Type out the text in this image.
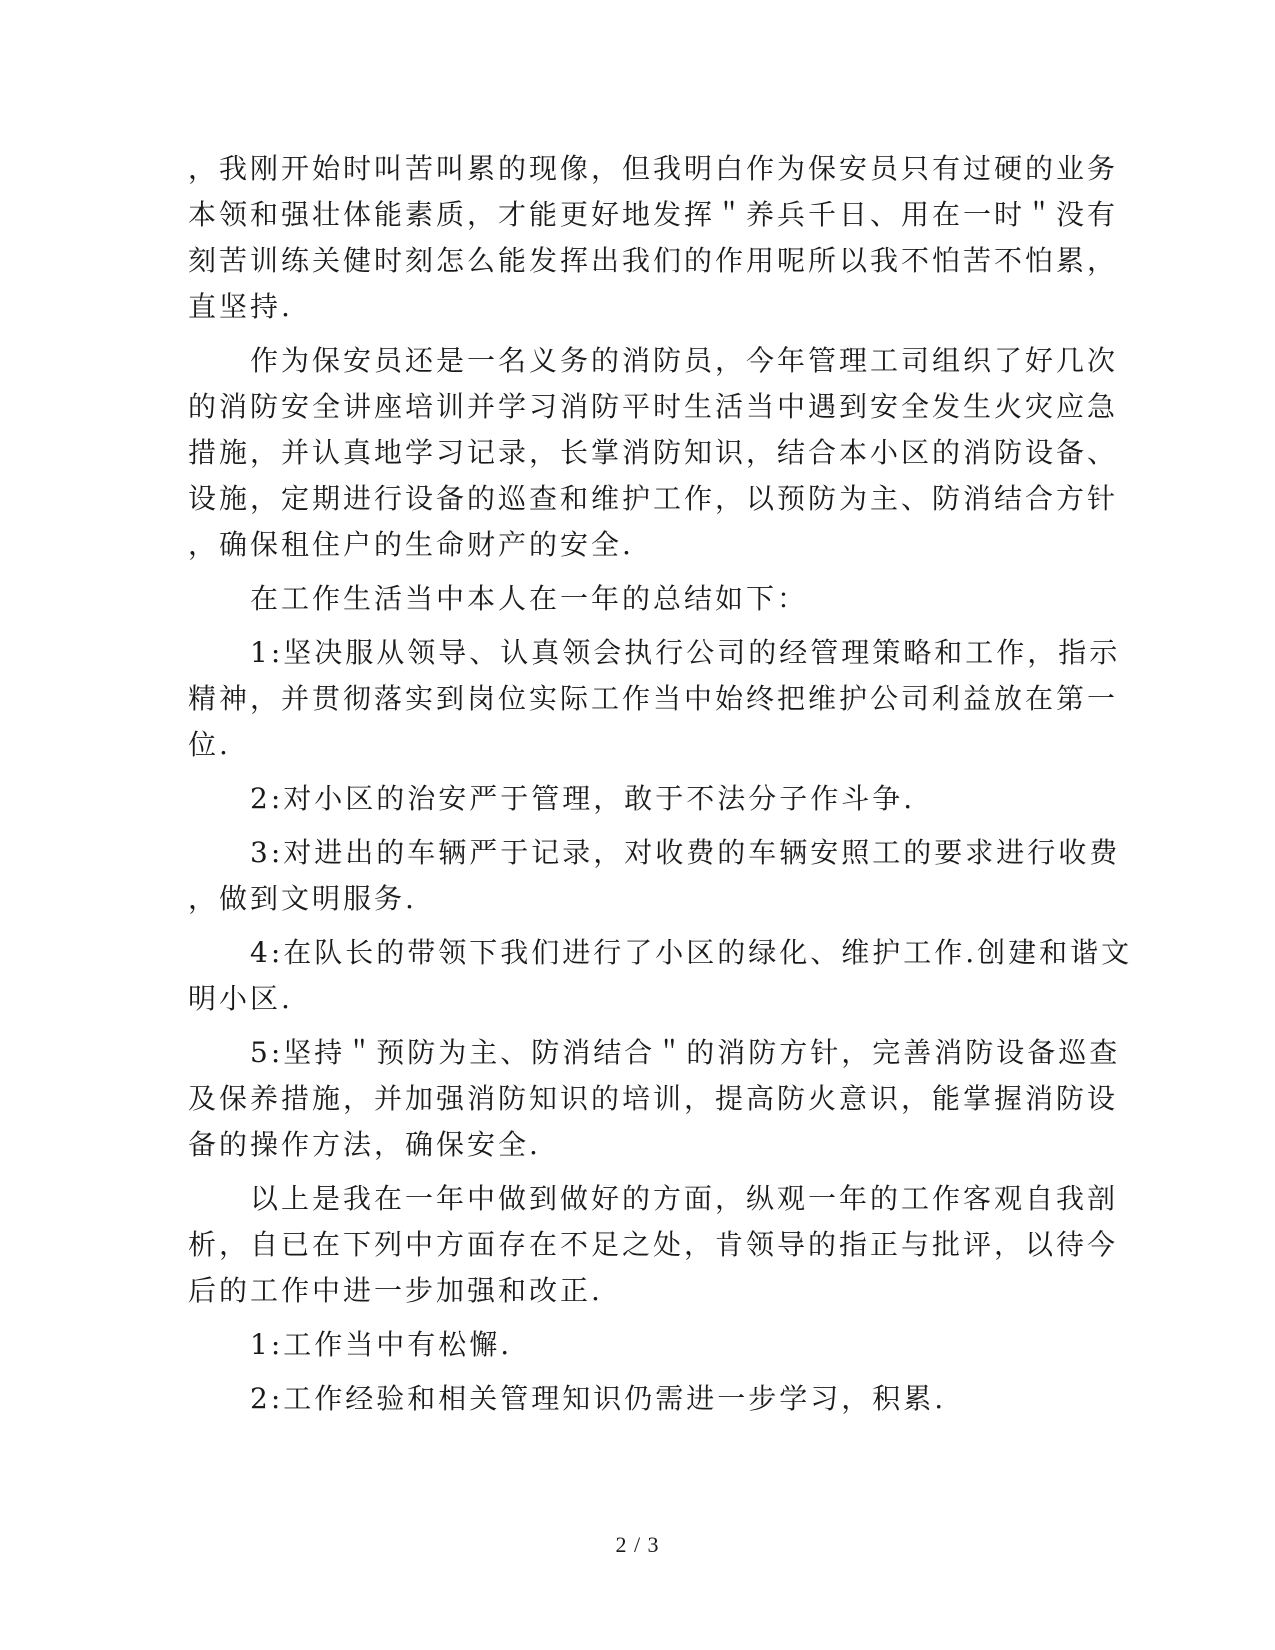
，我刚开始时叫苦叫累的现像，但我明白作为保安员只有过硬的业务
本领和强壮体能素质，才能更好地发挥＂养兵千日、用在一时＂没有
刻苦训练关健时刻怎么能发挥出我们的作用呢所以我不怕苦不怕累，
直坚持.

作为保安员还是一名义务的消防员，今年管理工司组织了好几次
的消防安全讲座培训并学习消防平时生活当中遇到安全发生火灾应急
措施，并认真地学习记录，长掌消防知识，结合本小区的消防设备、
设施，定期进行设备的巡查和维护工作，以预防为主、防消结合方针
，确保租住户的生命财产的安全.

在工作生活当中本人在一年的总结如下：

1:坚决服从领导、认真领会执行公司的经管理策略和工作，指示
精神，并贯彻落实到岗位实际工作当中始终把维护公司利益放在第一
位.

2:对小区的治安严于管理，敢于不法分子作斗争.

3:对进出的车辆严于记录，对收费的车辆安照工的要求进行收费
，做到文明服务.

4:在队长的带领下我们进行了小区的绿化、维护工作.创建和谐文
明小区.

5:坚持＂预防为主、防消结合＂的消防方针，完善消防设备巡查
及保养措施，并加强消防知识的培训，提高防火意识，能掌握消防设
备的操作方法，确保安全.

以上是我在一年中做到做好的方面，纵观一年的工作客观自我剖
析，自已在下列中方面存在不足之处，肯领导的指正与批评，以待今
后的工作中进一步加强和改正.

1:工作当中有松懈.

2:工作经验和相关管理知识仍需进一步学习，积累.

2 / 3
